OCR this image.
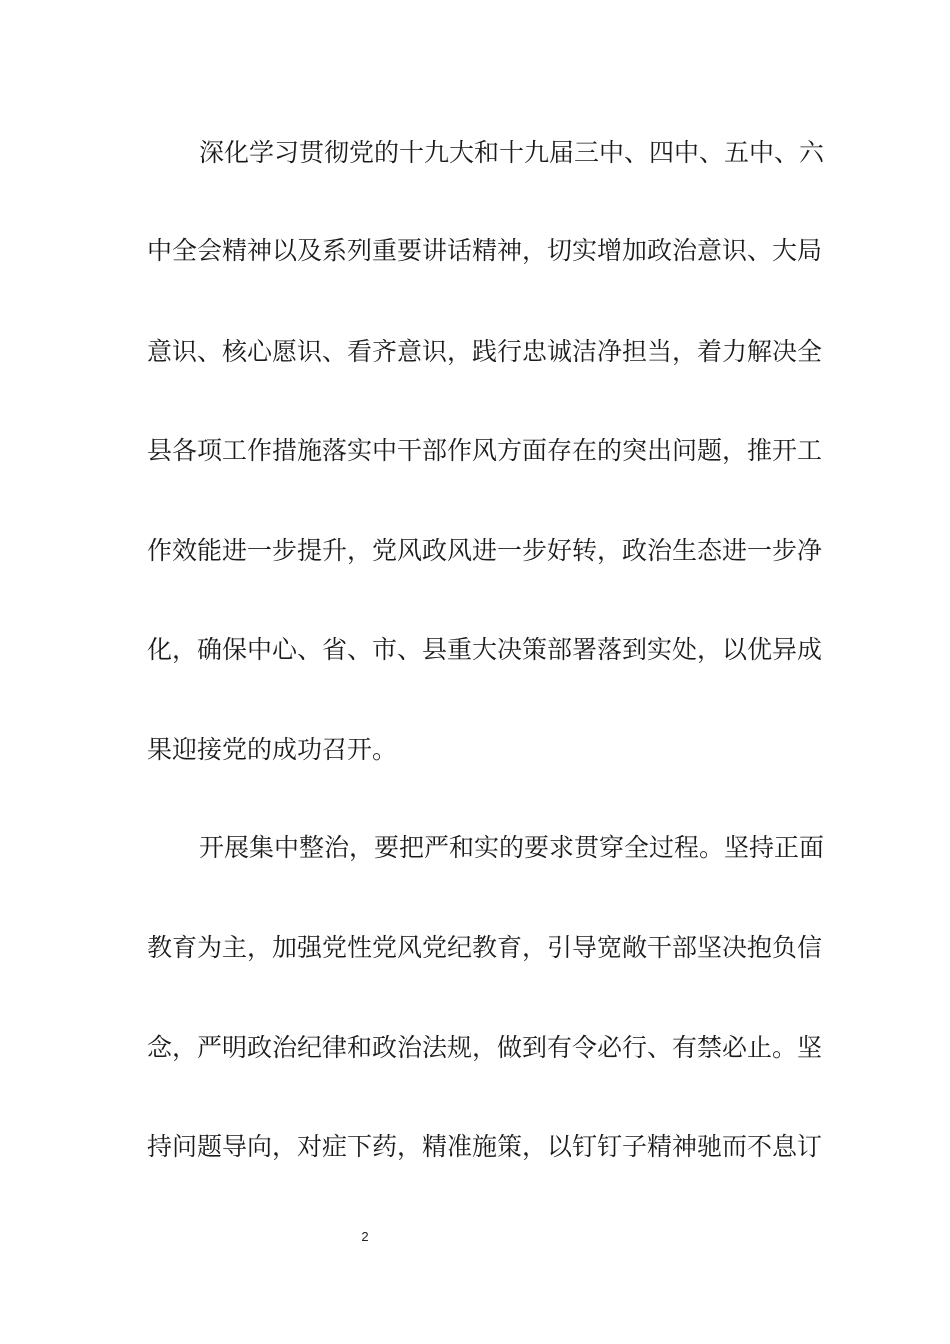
深化学习贯彻党的十九大和十九届三中、四中、五中、六
中全会精神以及系列重要讲话精神，切实增加政治意识、大局
意识、核心愿识、看齐意识，践行忠诚洁净担当，着力解决全
县各项工作措施落实中干部作风方面存在的突出问题，推开工
作效能进一步提升，党风政风进一步好转，政治生态进一步净
化，确保中心、省、市、县重大决策部署落到实处，以优异成
果迎接党的成功召开。
开展集中整治，要把严和实的要求贯穿全过程。坚持正面
教育为主，加强党性党风党纪教育，引导宽敞干部坚决抱负信
念，严明政治纪律和政治法规，做到有令必行、有禁必止。坚
持问题导向，对症下药，精准施策，以钉钉子精神驰而不息订
2
